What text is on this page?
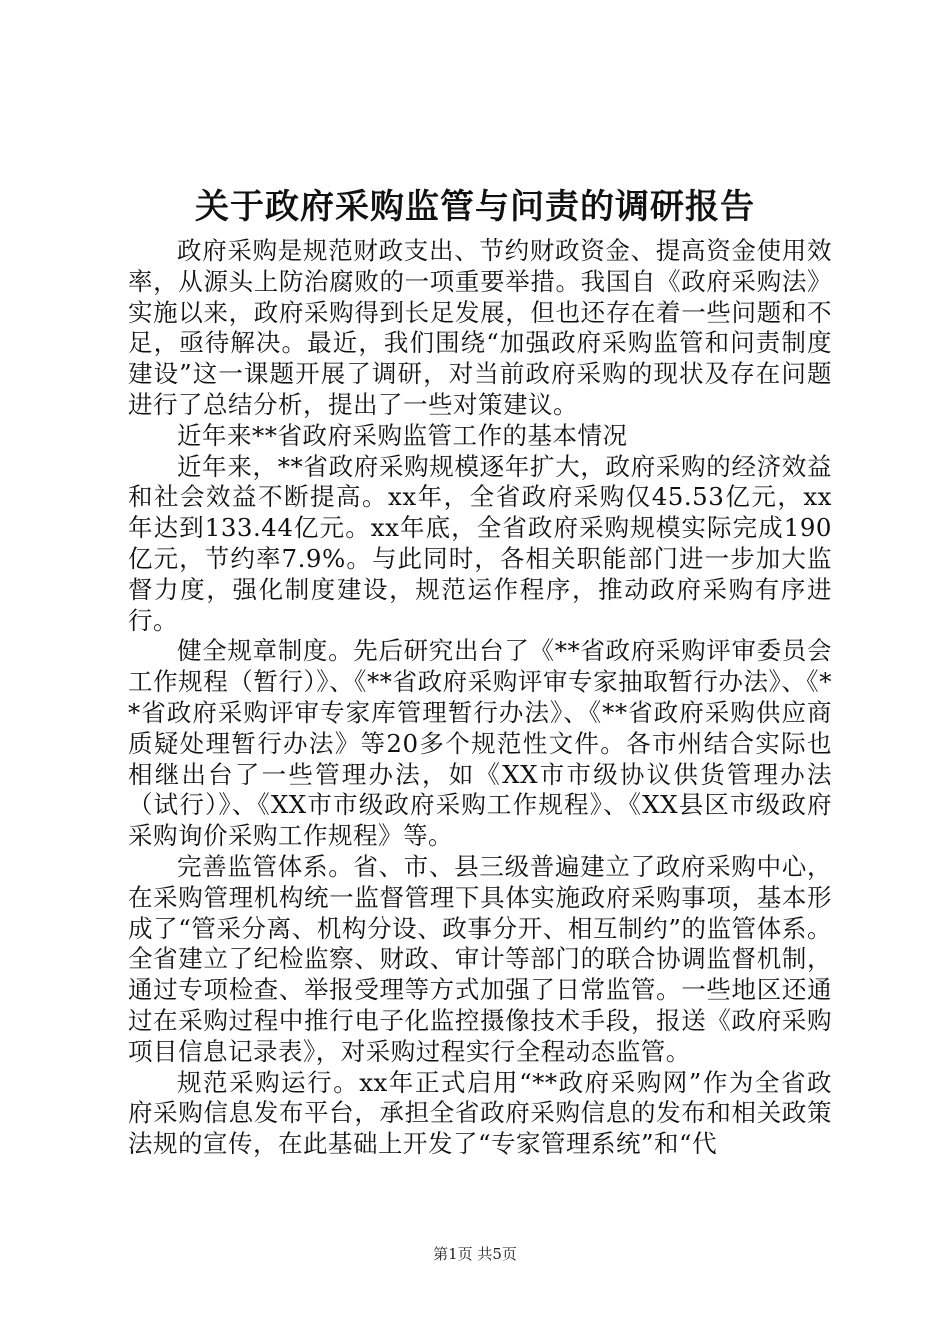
关于政府采购监管与问责的调研报告

政府采购是规范财政支出、节约财政资金、提高资金使用效率，从源头上防治腐败的一项重要举措。我国自《政府采购法》实施以来，政府采购得到长足发展，但也还存在着一些问题和不足，亟待解决。最近，我们围绕“加强政府采购监管和问责制度建设”这一课题开展了调研，对当前政府采购的现状及存在问题进行了总结分析，提出了一些对策建议。

近年来**省政府采购监管工作的基本情况

近年来，**省政府采购规模逐年扩大，政府采购的经济效益和社会效益不断提高。xx年，全省政府采购仅45.53亿元，xx年达到133.44亿元。xx年底，全省政府采购规模实际完成190亿元，节约率7.9%。与此同时，各相关职能部门进一步加大监督力度，强化制度建设，规范运作程序，推动政府采购有序进行。

健全规章制度。先后研究出台了《**省政府采购评审委员会工作规程（暂行）》、《**省政府采购评审专家抽取暂行办法》、《**省政府采购评审专家库管理暂行办法》、《**省政府采购供应商质疑处理暂行办法》等20多个规范性文件。各市州结合实际也相继出台了一些管理办法，如《XX市市级协议供货管理办法（试行）》、《XX市市级政府采购工作规程》、《XX县区市级政府采购询价采购工作规程》等。

完善监管体系。省、市、县三级普遍建立了政府采购中心，在采购管理机构统一监督管理下具体实施政府采购事项，基本形成了“管采分离、机构分设、政事分开、相互制约”的监管体系。全省建立了纪检监察、财政、审计等部门的联合协调监督机制，通过专项检查、举报受理等方式加强了日常监管。一些地区还通过在采购过程中推行电子化监控摄像技术手段，报送《政府采购项目信息记录表》，对采购过程实行全程动态监管。

规范采购运行。xx年正式启用“**政府采购网”作为全省政府采购信息发布平台，承担全省政府采购信息的发布和相关政策法规的宣传，在此基础上开发了“专家管理系统”和“代

第1页 共5页
